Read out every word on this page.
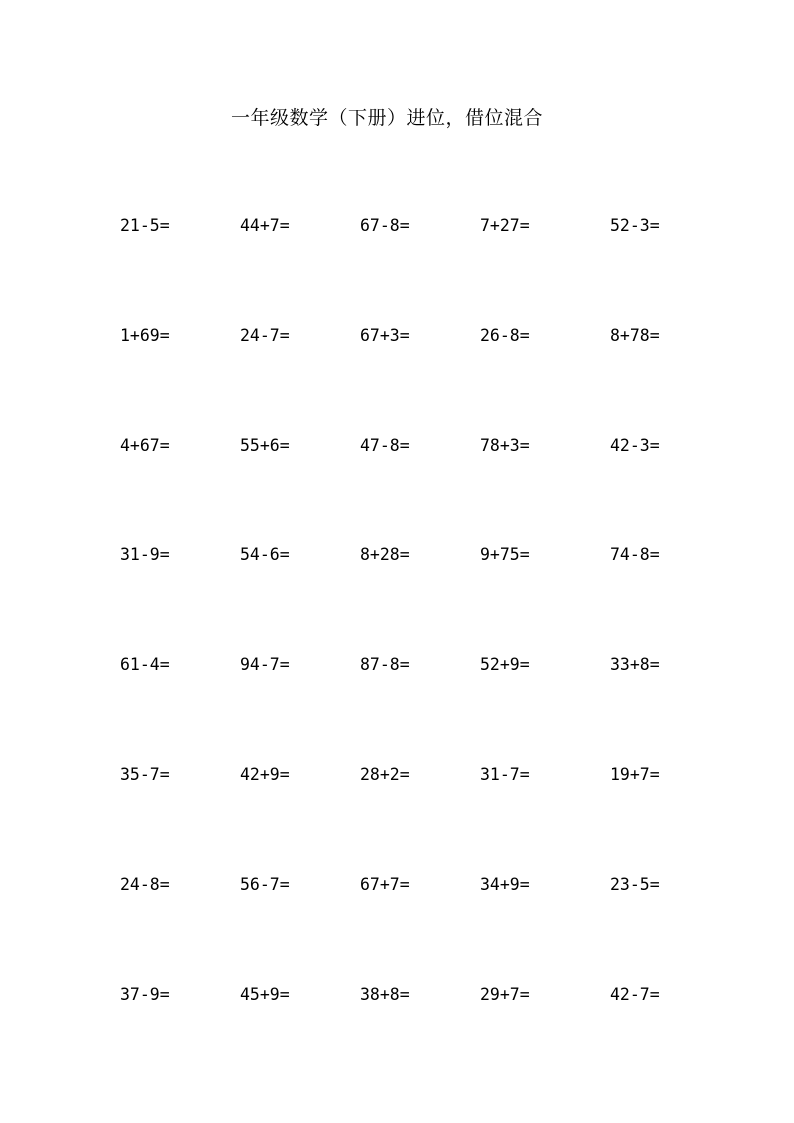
一年级数学（下册）进位，借位混合
21-5=	44+7=	67-8=	7+27=	52-3=
1+69=	24-7=	67+3=	26-8=	8+78=
4+67=	55+6=	47-8=	78+3=	42-3=
31-9=	54-6=	8+28=	9+75=	74-8=
61-4=	94-7=	87-8=	52+9=	33+8=
35-7=	42+9=	28+2=	31-7=	19+7=
24-8=	56-7=	67+7=	34+9=	23-5=
37-9=	45+9=	38+8=	29+7=	42-7=
